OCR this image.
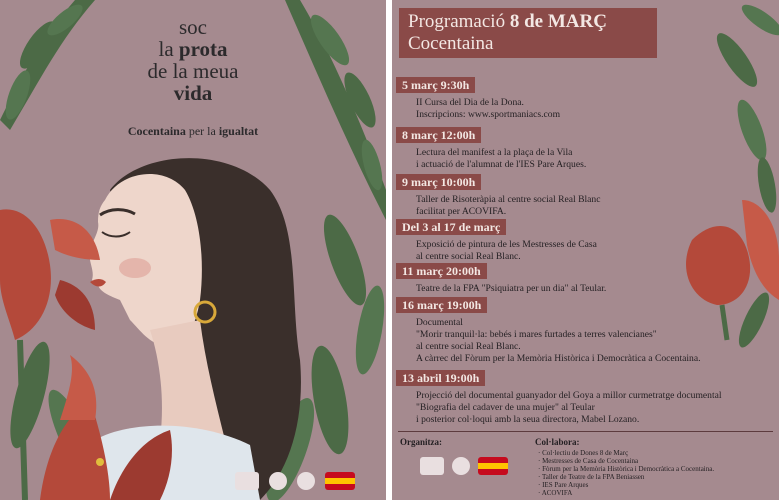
soc
la prota
de la meua
vida
Cocentaina per la igualtat
Programació 8 de MARÇ
Cocentaina
5 març 9:30h
II Cursa del Dia de la Dona.
Inscripcions: www.sportmaniacs.com
8 març 12:00h
Lectura del manifest a la plaça de la Vila
i actuació de l'alumnat de l'IES Pare Arques.
9 març 10:00h
Taller de Risoteràpia al centre social Real Blanc
facilitat per ACOVIFA.
Del 3 al 17 de març
Exposició de pintura de les Mestresses de Casa
al centre social Real Blanc.
11 març 20:00h
Teatre de la FPA "Psiquiatra per un dia" al Teular.
16 març 19:00h
Documental
"Morir tranquil·la: bebés i mares furtades a terres valencianes"
al centre social Real Blanc.
A càrrec del Fòrum per la Memòria Històrica i Democràtica a Cocentaina.
13 abril 19:00h
Projecció del documental guanyador del Goya a millor curmetratge documental
"Biografia del cadaver de una mujer" al Teular
i posterior col·loqui amb la seua directora, Mabel Lozano.
Organitza:	Col·labora:
· Col·lectiu de Dones 8 de Març
· Mestresses de Casa de Cocentaina
· Fòrum per la Memòria Històrica i Democràtica a Cocentaina.
· Taller de Teatre de la FPA Beniassen
· IES Pare Arques
· ACOVIFA
